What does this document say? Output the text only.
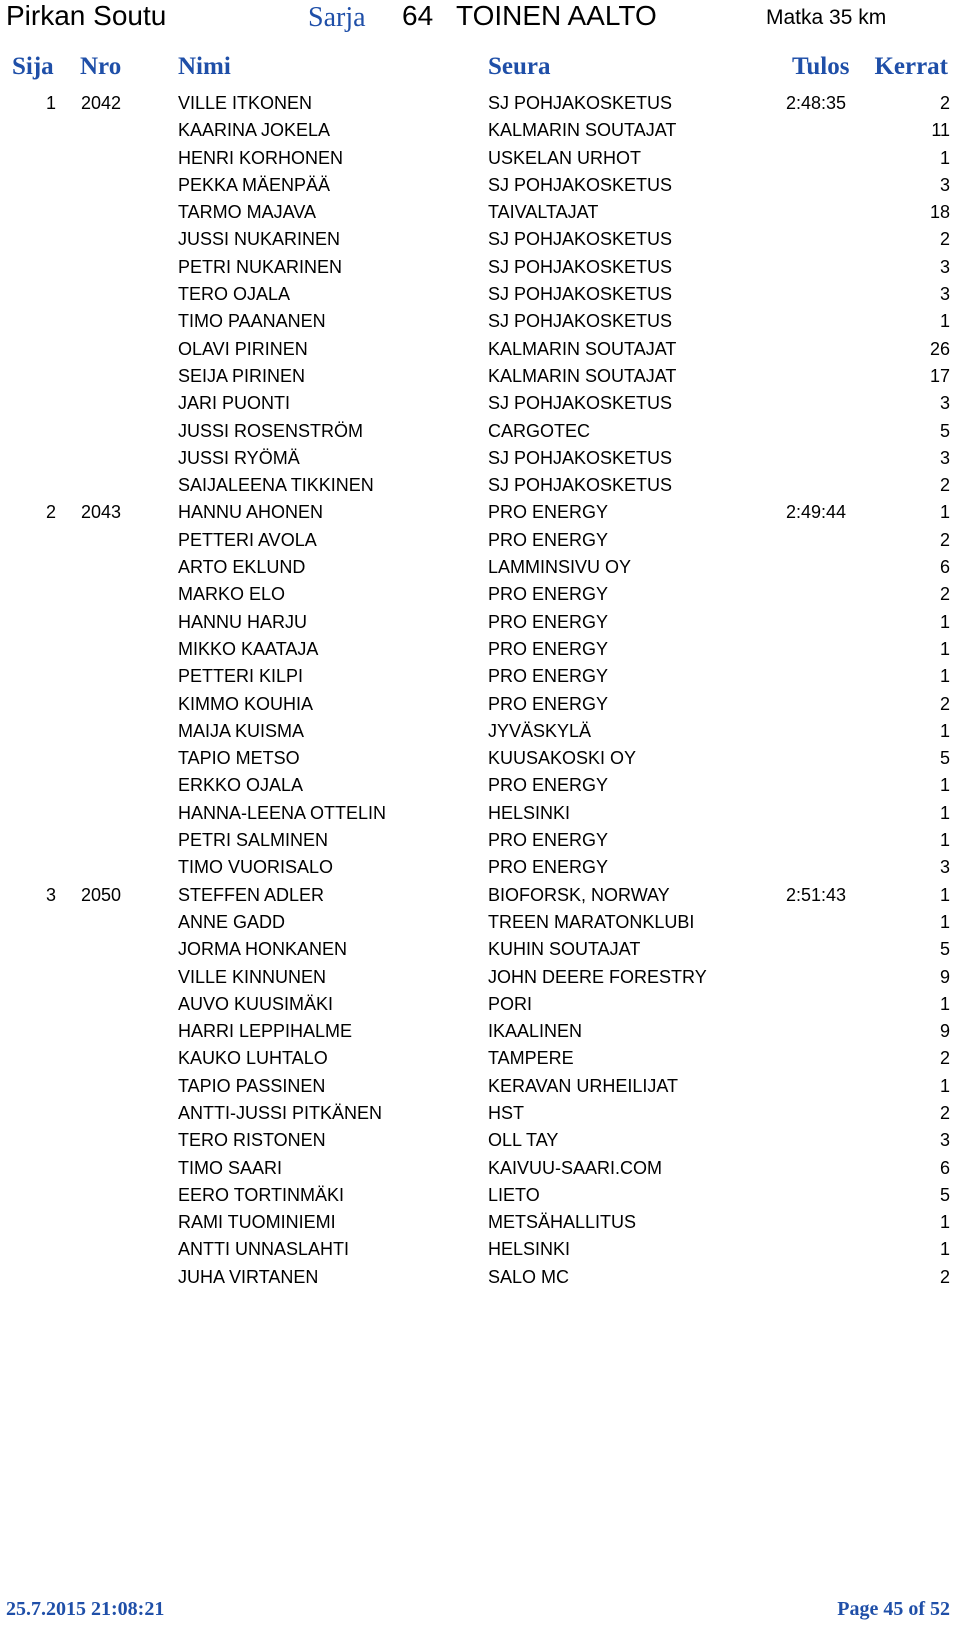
Pirkan Soutu	Sarja 64 TOINEN AALTO	Matka 35 km
Sija Nro Nimi	Seura	Tulos Kerrat
1 2042	VILLE ITKONEN	SJ POHJAKOSKETUS	2:48:35	2
KAARINA JOKELA	KALMARIN SOUTAJAT	11
HENRI KORHONEN	USKELAN URHOT	1
PEKKA MÄENPÄÄ	SJ POHJAKOSKETUS	3
TARMO MAJAVA	TAIVALTAJAT	18
JUSSI NUKARINEN	SJ POHJAKOSKETUS	2
PETRI NUKARINEN	SJ POHJAKOSKETUS	3
TERO OJALA	SJ POHJAKOSKETUS	3
TIMO PAANANEN	SJ POHJAKOSKETUS	1
OLAVI PIRINEN	KALMARIN SOUTAJAT	26
SEIJA PIRINEN	KALMARIN SOUTAJAT	17
JARI PUONTI	SJ POHJAKOSKETUS	3
JUSSI ROSENSTRÖM	CARGOTEC	5
JUSSI RYÖMÄ	SJ POHJAKOSKETUS	3
SAIJALEENA TIKKINEN	SJ POHJAKOSKETUS	2
2 2043	HANNU AHONEN	PRO ENERGY	2:49:44	1
PETTERI AVOLA	PRO ENERGY	2
ARTO EKLUND	LAMMINSIVU OY	6
MARKO ELO	PRO ENERGY	2
HANNU HARJU	PRO ENERGY	1
MIKKO KAATAJA	PRO ENERGY	1
PETTERI KILPI	PRO ENERGY	1
KIMMO KOUHIA	PRO ENERGY	2
MAIJA KUISMA	JYVÄSKYLÄ	1
TAPIO METSO	KUUSAKOSKI OY	5
ERKKO OJALA	PRO ENERGY	1
HANNA-LEENA OTTELIN	HELSINKI	1
PETRI SALMINEN	PRO ENERGY	1
TIMO VUORISALO	PRO ENERGY	3
3 2050	STEFFEN ADLER	BIOFORSK, NORWAY	2:51:43	1
ANNE GADD	TREEN MARATONKLUBI	1
JORMA HONKANEN	KUHIN SOUTAJAT	5
VILLE KINNUNEN	JOHN DEERE FORESTRY	9
AUVO KUUSIMÄKI	PORI	1
HARRI LEPPIHALME	IKAALINEN	9
KAUKO LUHTALO	TAMPERE	2
TAPIO PASSINEN	KERAVAN URHEILIJAT	1
ANTTI-JUSSI PITKÄNEN	HST	2
TERO RISTONEN	OLL TAY	3
TIMO SAARI	KAIVUU-SAARI.COM	6
EERO TORTINMÄKI	LIETO	5
RAMI TUOMINIEMI	METSÄHALLITUS	1
ANTTI UNNASLAHTI	HELSINKI	1
JUHA VIRTANEN	SALO MC	2
25.7.2015 21:08:21	Page 45 of 52
